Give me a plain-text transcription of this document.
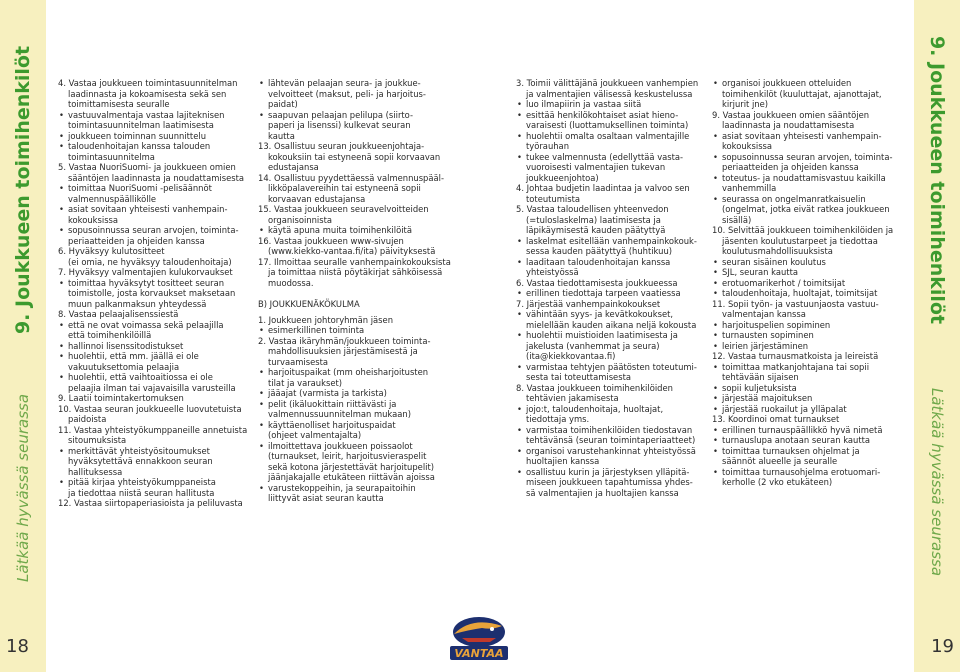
9. Joukkueen toimihenkilöt
Lätkää hyvässä seurassa
9. Joukkueen toimihenkilöt
Lätkää hyvässä seurassa
18	19
4. Vastaa joukkueen toimintasuunnitelman
laadinnasta ja kokoamisesta sekä sen
toimittamisesta seuralle
• vastuuvalmentaja vastaa lajiteknisen
toimintasuunnitelman laatimisesta
• joukkueen toiminnan suunnittelu
• taloudenhoitajan kanssa talouden
toimintasuunnitelma
5. Vastaa NuoriSuomi- ja joukkueen omien
sääntöjen laadinnasta ja noudattamisesta
• toimittaa NuoriSuomi -pelisäännöt
valmennuspäällikölle
• asiat sovitaan yhteisesti vanhempain-
kokouksissa
• sopusoinnussa seuran arvojen, toiminta-
periaatteiden ja ohjeiden kanssa
6. Hyväksyy kulutositteet
(ei omia, ne hyväksyy taloudenhoitaja)
7. Hyväksyy valmentajien kulukorvaukset
• toimittaa hyväksytyt tositteet seuran
toimistolle, josta korvaukset maksetaan
muun palkanmaksun yhteydessä
8. Vastaa pelaajalisenssiestä
• että ne ovat voimassa sekä pelaajilla
että toimihenkilöillä
• hallinnoi lisenssitodistukset
• huolehtii, että mm. jäällä ei ole
vakuutuksettomia pelaajia
• huolehtii, että vaihtoaitiossa ei ole
pelaajia ilman tai vajavaisilla varusteilla
9. Laatii toimintakertomuksen
10. Vastaa seuran joukkueelle luovutetuista
paidoista
11. Vastaa yhteistyökumppaneille annetuista
sitoumuksista
• merkittävät yhteistyösitoumukset
hyväksytettävä ennakkoon seuran
hallituksessa
• pitää kirjaa yhteistyökumppaneista
ja tiedottaa niistä seuran hallitusta
12. Vastaa siirtopaperiasioista ja peliluvasta
• lähtevän pelaajan seura- ja joukkue-
velvoitteet (maksut, peli- ja harjoitus-
paidat)
• saapuvan pelaajan pelilupa (siirto-
paperi ja lisenssi) kulkevat seuran
kautta
13. Osallistuu seuran joukkueenjohtaja-
kokouksiin tai estyneenä sopii korvaavan
edustajansa
14. Osallistuu pyydettäessä valmennuspääl-
likköpalavereihin tai estyneenä sopii
korvaavan edustajansa
15. Vastaa joukkueen seuravelvoitteiden
organisoinnista
• käytä apuna muita toimihenkilöitä
16. Vastaa joukkueen www-sivujen
(www.kiekko-vantaa.fi/ita) päivityksestä
17. Ilmoittaa seuralle vanhempainkokouksista
ja toimittaa niistä pöytäkirjat sähköisessä
muodossa.
B) JOUKKUENÄKÖKULMA
1. Joukkueen johtoryhmän jäsen
• esimerkillinen toiminta
2. Vastaa ikäryhmän/joukkueen toiminta-
mahdollisuuksien järjestämisestä ja
turvaamisesta
• harjoituspaikat (mm oheisharjoitusten
tilat ja varaukset)
• jääajat (varmista ja tarkista)
• pelit (ikäluokittain riittävästi ja
valmennussuunnitelman mukaan)
• käyttäenolliset harjoituspaidat
(ohjeet valmentajalta)
• ilmoittettava joukkueen poissaolot
(turnaukset, leirit, harjoitusvieraspelit
sekä kotona järjestettävät harjoitupelit)
jäänjakajalle etukäteen riittävän ajoissa
• varustekoppeihin, ja seurapaitoihin
liittyvät asiat seuran kautta
3. Toimii välittäjänä joukkueen vanhempien
ja valmentajien välisessä keskustelussa
• luo ilmapiirin ja vastaa siitä
• esittää henkilökohtaiset asiat hieno-
varaisesti (luottamuksellinen toiminta)
• huolehtii omalta osaltaan valmentajille
työrauhan
• tukee valmennusta (edellyttää vasta-
vuoroisesti valmentajien tukevan
joukkueenjohtoa)
4. Johtaa budjetin laadintaa ja valvoo sen
toteutumista
5. Vastaa taloudellisen yhteenvedon
(=tuloslaskelma) laatimisesta ja
läpikäymisestä kauden päätyttyä
• laskelmat esitellään vanhempainkokouk-
sessa kauden päätyttyä (huhtikuu)
• laaditaan taloudenhoitajan kanssa
yhteistyössä
6. Vastaa tiedottamisesta joukkueessa
• erillinen tiedottaja tarpeen vaatiessa
7. Järjestää vanhempainkokoukset
• vähintään syys- ja kevätkokoukset,
mielellään kauden aikana neljä kokousta
• huolehtii muistioiden laatimisesta ja
jakelusta (vanhemmat ja seura)
(ita@kiekkovantaa.fi)
• varmistaa tehtyjen päätösten toteutumi-
sesta tai toteuttamisesta
8. Vastaa joukkueen toimihenkilöiden
tehtävien jakamisesta
• jojo:t, taloudenhoitaja, huoltajat,
tiedottaja yms.
• varmistaa toimihenkilöiden tiedostavan
tehtävänsä (seuran toimintaperiaatteet)
• organisoi varustehankinnat yhteistyössä
huoltajien kanssa
• osallistuu kurin ja järjestyksen ylläpitä-
miseen joukkueen tapahtumissa yhdes-
sä valmentajien ja huoltajien kanssa
• organisoi joukkueen otteluiden
toimihenkilöt (kuuluttajat, ajanottajat,
kirjurit jne)
9. Vastaa joukkueen omien sääntöjen
laadinnasta ja noudattamisesta
• asiat sovitaan yhteisesti vanhempain-
kokouksissa
• sopusoinnussa seuran arvojen, toiminta-
periaatteiden ja ohjeiden kanssa
• toteutus- ja noudattamisvastuu kaikilla
vanhemmilla
• seurassa on ongelmanratkaisuelin
(ongelmat, jotka eivät ratkea joukkueen
sisällä)
10. Selvittää joukkueen toimihenkilöiden ja
jäsenten koulutustarpeet ja tiedottaa
koulutusmahdollisuuksista
• seuran sisäinen koulutus
• SJL, seuran kautta
• erotuomarikerhot / toimitsijat
• taloudenhoitaja, huoltajat, toimitsijat
11. Sopii työn- ja vastuunjaosta vastuu-
valmentajan kanssa
• harjoituspelien sopiminen
• turnausten sopiminen
• leirien järjestäminen
12. Vastaa turnausmatkoista ja leireistä
• toimittaa matkanjohtajana tai sopii
tehtävään sijaisen
• sopii kuljetuksista
• järjestää majoituksen
• järjestää ruokailut ja ylläpalat
13. Koordinoi omat turnaukset
• erillinen turnauspäällikkö hyvä nimetä
• turnauslupa anotaan seuran kautta
• toimittaa turnauksen ohjelmat ja
säännöt alueelle ja seuralle
• toimittaa turnausohjelma erotuomari-
kerholle (2 vko etukäteen)
VANTAA
